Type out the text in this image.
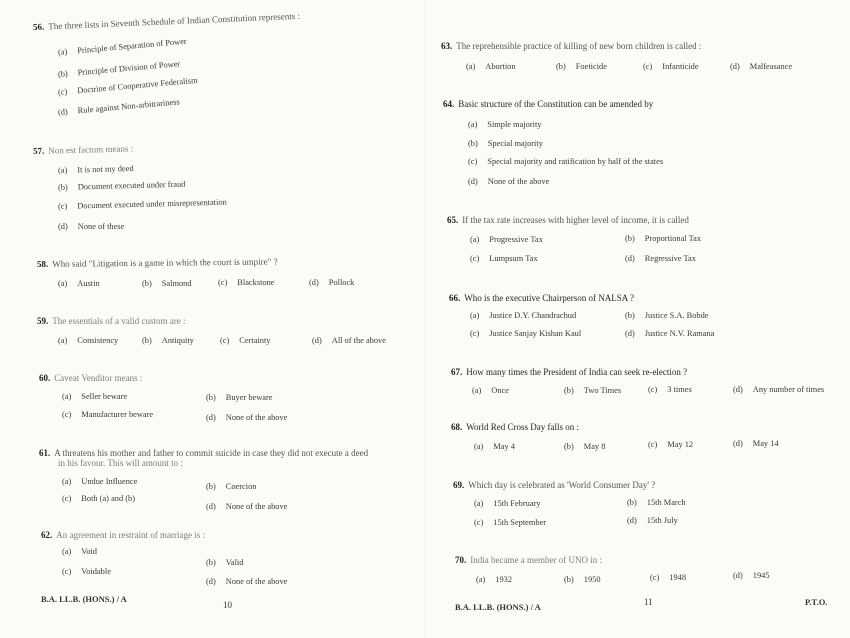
56. The three lists in Seventh Schedule of Indian Constitution represents :
(a) Principle of Separation of Power
(b) Principle of Division of Power
(c) Doctrine of Cooperative Federalism
(d) Rule against Non-arbitrariness
57. Non est factum means :
(a) It is not my deed
(b) Document executed under fraud
(c) Document executed under misrepresentation
(d) None of these
58. Who said "Litigation is a game in which the court is umpire" ?
(a) Austin	(b) Salmond	(c) Blackstone	(d) Pollock
59. The essentials of a valid custom are :
(a) Consistency	(b) Antiquity	(c) Certainty	(d) All of the above
60. Caveat Venditor means :
(a) Seller beware	(b) Buyer beware
(c) Manufacturer beware	(d) None of the above
61. A threatens his mother and father to commit suicide in case they did not execute a deed
in his favour. This will amount to :
(a) Undue Influence
(b) Coercion
(c) Both (a) and (b)
(d) None of the above
62. An agreement in restraint of marriage is :
(a) Void
(b) Valid
(c) Voidable
(d) None of the above
B.A. LL.B. (HONS.) / A
10
63. The reprehensible practice of killing of new born children is called :
(a) Abortion	(b) Foeticide	(c) Infanticide	(d) Malfeasance
64. Basic structure of the Constitution can be amended by
(a) Simple majority
(b) Special majority
(c) Special majority and ratification by half of the states
(d) None of the above
65. If the tax rate increases with higher level of income, it is called
(a) Progressive Tax	(b) Proportional Tax
(c) Lumpsum Tax	(d) Regressive Tax
66. Who is the executive Chairperson of NALSA ?
(a) Justice D.Y. Chandrachud	(b) Justice S.A. Bobde
(c) Justice Sanjay Kishan Kaul	(d) Justice N.V. Ramana
67. How many times the President of India can seek re-election ?
(a) Once	(b) Two Times	(c) 3 times	(d) Any number of times
68. World Red Cross Day falls on :
(a) May 4	(b) May 8	(c) May 12	(d) May 14
69. Which day is celebrated as 'World Consumer Day' ?
(a) 15th February	(b) 15th March
(c) 15th September	(d) 15th July
70. India became a member of UNO in :
(a) 1932	(b) 1950	(c) 1948	(d) 1945
B.A. LL.B. (HONS.) / A	11	P.T.O.
